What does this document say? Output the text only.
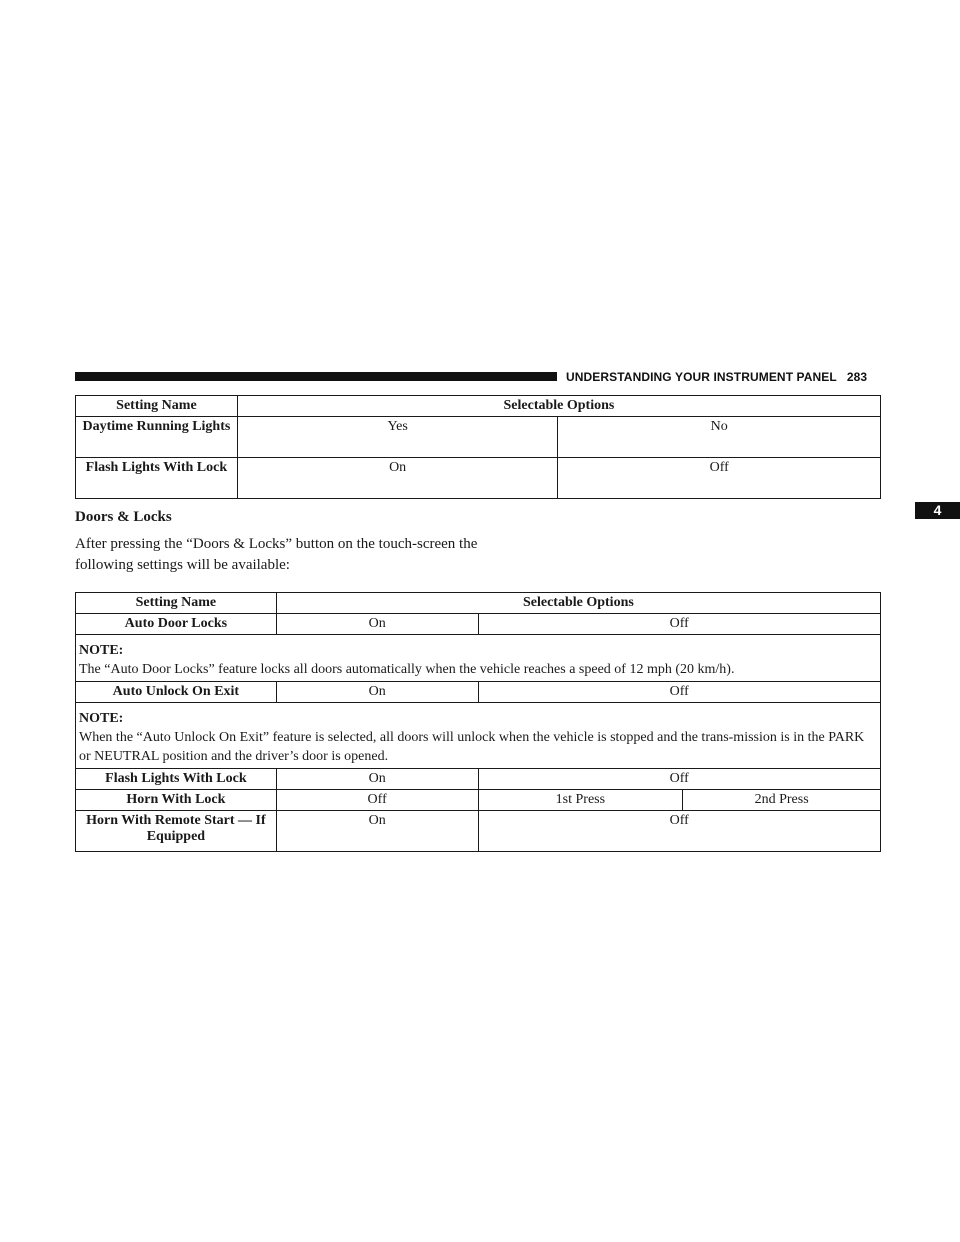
UNDERSTANDING YOUR INSTRUMENT PANEL 283
4
Setting Name	Selectable Options	
Daytime Running Lights	Yes	No
Flash Lights With Lock	On	Off
Doors & Locks
After pressing the “Doors & Locks” button on the touch-screen the following settings will be available:
Setting Name	Selectable Options		
Auto Door Locks	On	Off	
NOTE:
The “Auto Door Locks” feature locks all doors automatically when the vehicle reaches a speed of 12 mph (20 km/h).			
Auto Unlock On Exit	On	Off	
NOTE:
When the “Auto Unlock On Exit” feature is selected, all doors will unlock when the vehicle is stopped and the trans-mission is in the PARK or NEUTRAL position and the driver’s door is opened.			
Flash Lights With Lock	On	Off	
Horn With Lock	Off	1st Press	2nd Press
Horn With Remote Start — If Equipped	On	Off	
